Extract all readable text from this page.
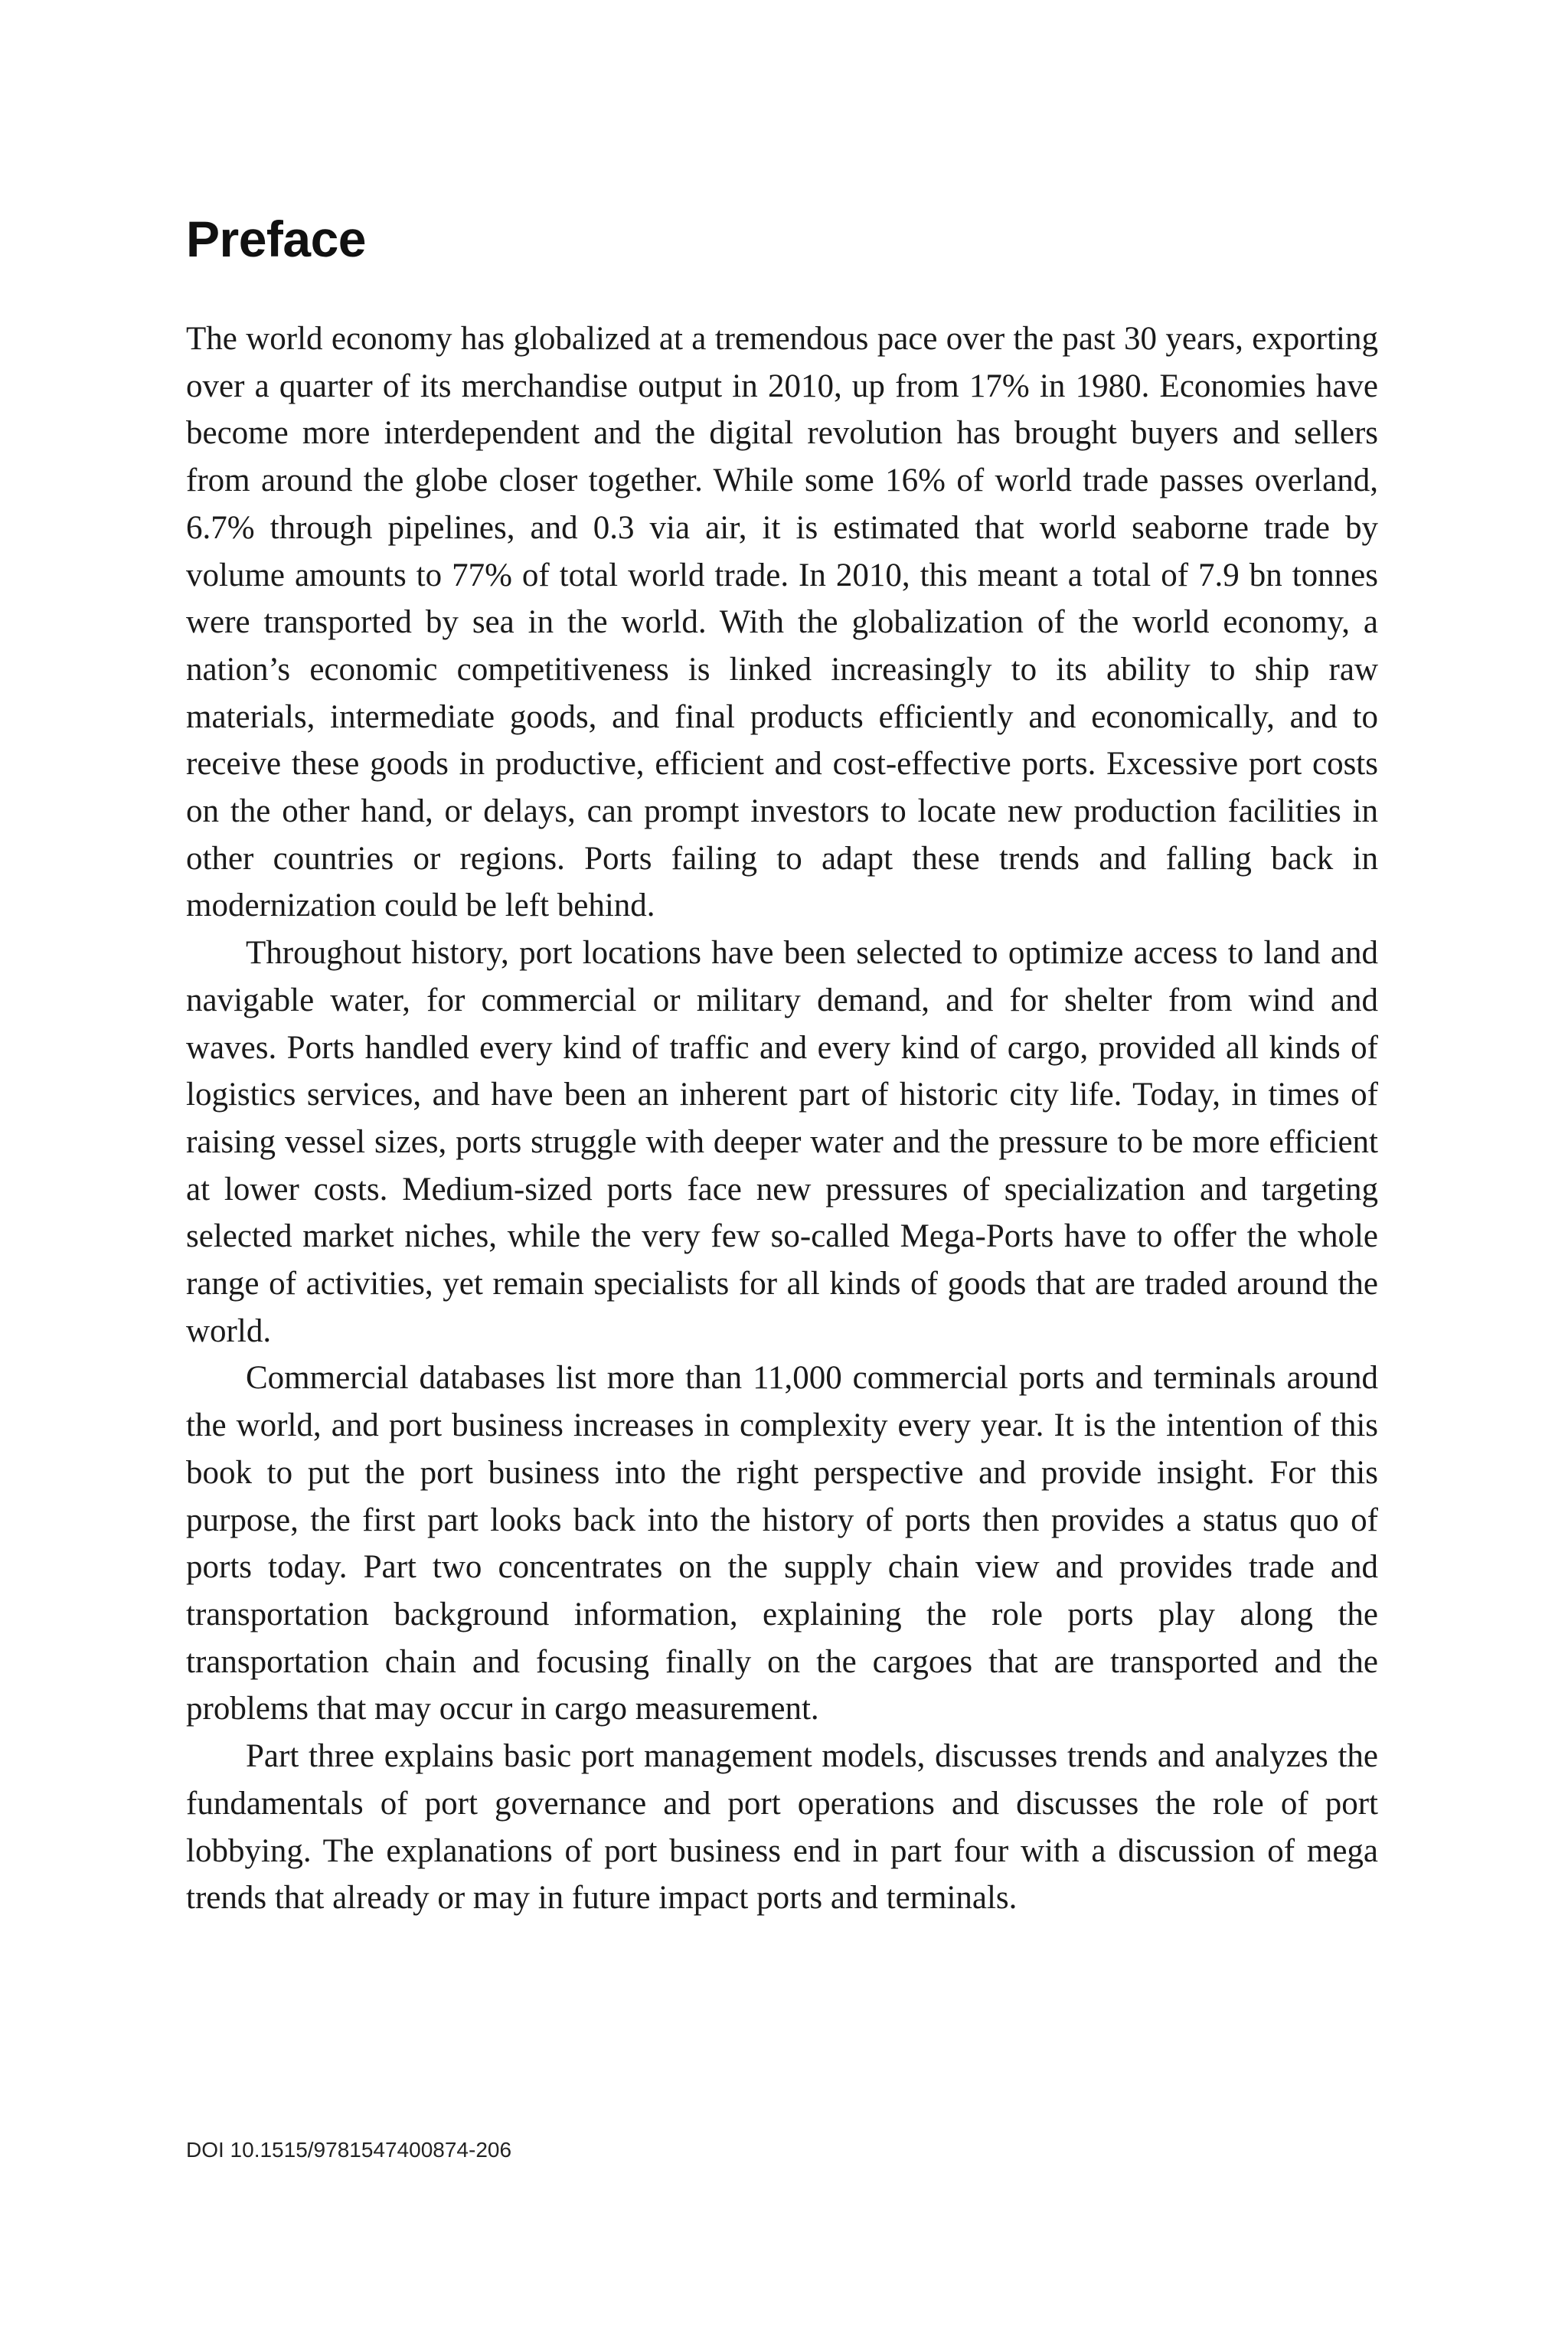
Preface

The world economy has globalized at a tremendous pace over the past 30 years, exporting over a quarter of its merchandise output in 2010, up from 17% in 1980. Economies have become more interdependent and the digital revolution has brought buyers and sellers from around the globe closer together. While some 16% of world trade passes overland, 6.7% through pipelines, and 0.3 via air, it is estimated that world seaborne trade by volume amounts to 77% of total world trade. In 2010, this meant a total of 7.9 bn tonnes were transported by sea in the world. With the globalization of the world economy, a nation’s economic competitiveness is linked increasingly to its ability to ship raw materials, intermediate goods, and final products efficiently and economically, and to receive these goods in productive, efficient and cost-effective ports. Excessive port costs on the other hand, or delays, can prompt investors to locate new production facilities in other countries or regions. Ports failing to adapt these trends and falling back in modernization could be left behind.

Throughout history, port locations have been selected to optimize access to land and navigable water, for commercial or military demand, and for shelter from wind and waves. Ports handled every kind of traffic and every kind of cargo, provided all kinds of logistics services, and have been an inherent part of historic city life. Today, in times of raising vessel sizes, ports struggle with deeper water and the pressure to be more efficient at lower costs. Medium-sized ports face new pressures of specialization and targeting selected market niches, while the very few so-called Mega-Ports have to offer the whole range of activities, yet remain specialists for all kinds of goods that are traded around the world.

Commercial databases list more than 11,000 commercial ports and terminals around the world, and port business increases in complexity every year. It is the intention of this book to put the port business into the right perspective and provide insight. For this purpose, the first part looks back into the history of ports then provides a status quo of ports today. Part two concentrates on the supply chain view and provides trade and transportation background information, explaining the role ports play along the transportation chain and focusing finally on the cargoes that are transported and the problems that may occur in cargo measurement.

Part three explains basic port management models, discusses trends and analyzes the fundamentals of port governance and port operations and discusses the role of port lobbying. The explanations of port business end in part four with a discussion of mega trends that already or may in future impact ports and terminals.

DOI 10.1515/9781547400874-206
